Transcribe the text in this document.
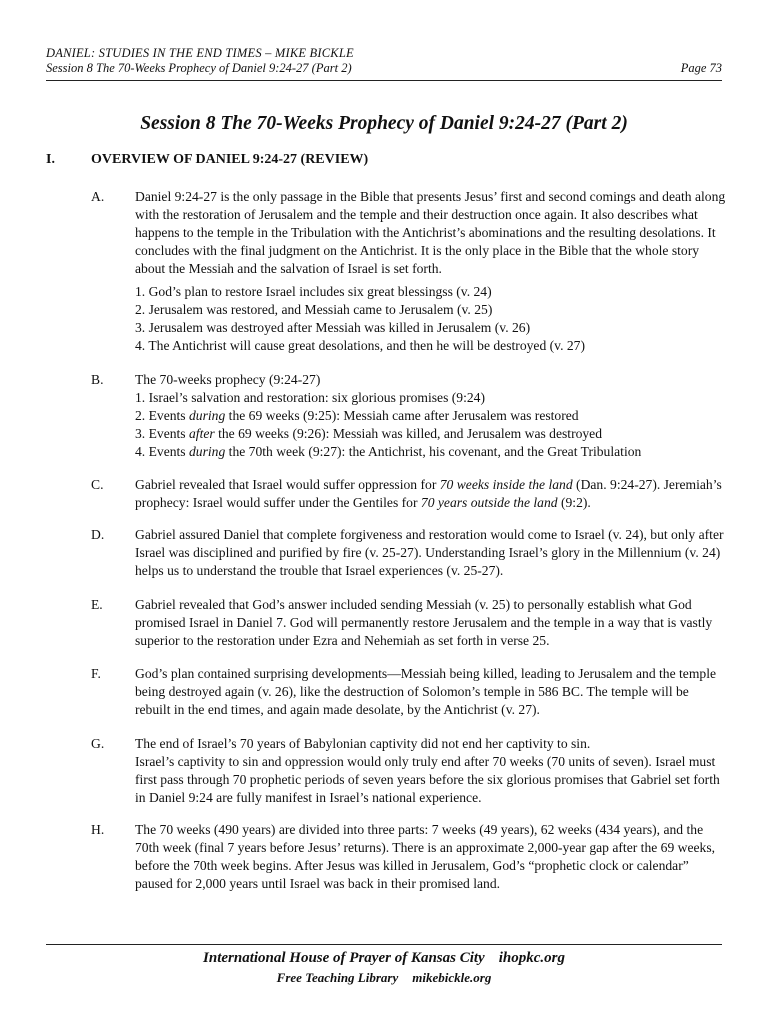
DANIEL: STUDIES IN THE END TIMES – MIKE BICKLE
Session 8 The 70-Weeks Prophecy of Daniel 9:24-27 (Part 2)	Page 73
Session 8 The 70-Weeks Prophecy of Daniel 9:24-27 (Part 2)
I.	OVERVIEW OF DANIEL 9:24-27 (REVIEW)
A. Daniel 9:24-27 is the only passage in the Bible that presents Jesus’ first and second comings and death along with the restoration of Jerusalem and the temple and their destruction once again. It also describes what happens to the temple in the Tribulation with the Antichrist’s abominations and the resulting desolations. It concludes with the final judgment on the Antichrist. It is the only place in the Bible that the whole story about the Messiah and the salvation of Israel is set forth.

1. God’s plan to restore Israel includes six great blessingss (v. 24)
2. Jerusalem was restored, and Messiah came to Jerusalem (v. 25)
3. Jerusalem was destroyed after Messiah was killed in Jerusalem (v. 26)
4. The Antichrist will cause great desolations, and then he will be destroyed (v. 27)
B. The 70-weeks prophecy (9:24-27)

1. Israel’s salvation and restoration: six glorious promises (9:24)
2. Events during the 69 weeks (9:25): Messiah came after Jerusalem was restored
3. Events after the 69 weeks (9:26): Messiah was killed, and Jerusalem was destroyed
4. Events during the 70th week (9:27): the Antichrist, his covenant, and the Great Tribulation
C. Gabriel revealed that Israel would suffer oppression for 70 weeks inside the land (Dan. 9:24-27). Jeremiah’s prophecy: Israel would suffer under the Gentiles for 70 years outside the land (9:2).

D. Gabriel assured Daniel that complete forgiveness and restoration would come to Israel (v. 24), but only after Israel was disciplined and purified by fire (v. 25-27). Understanding Israel’s glory in the Millennium (v. 24) helps us to understand the trouble that Israel experiences (v. 25-27).

E. Gabriel revealed that God’s answer included sending Messiah (v. 25) to personally establish what God promised Israel in Daniel 7. God will permanently restore Jerusalem and the temple in a way that is vastly superior to the restoration under Ezra and Nehemiah as set forth in verse 25.

F.	God’s plan contained surprising developments—Messiah being killed, leading to Jerusalem and the temple being destroyed again (v. 26), like the destruction of Solomon’s temple in 586 BC. The temple will be rebuilt in the end times, and again made desolate, by the Antichrist (v. 27).

G. The end of Israel’s 70 years of Babylonian captivity did not end her captivity to sin.
Israel’s captivity to sin and oppression would only truly end after 70 weeks (70 units of seven). Israel must first pass through 70 prophetic periods of seven years before the six glorious promises that Gabriel set forth in Daniel 9:24 are fully manifest in Israel’s national experience.

H. The 70 weeks (490 years) are divided into three parts: 7 weeks (49 years), 62 weeks (434 years), and the 70th week (final 7 years before Jesus’ returns). There is an approximate 2,000-year gap after the 69 weeks, before the 70th week begins. After Jesus was killed in Jerusalem, God’s “prophetic clock or calendar” paused for 2,000 years until Israel was back in their promised land.

International House of Prayer of Kansas City ihopkc.org
Free Teaching Library mikebickle.org
